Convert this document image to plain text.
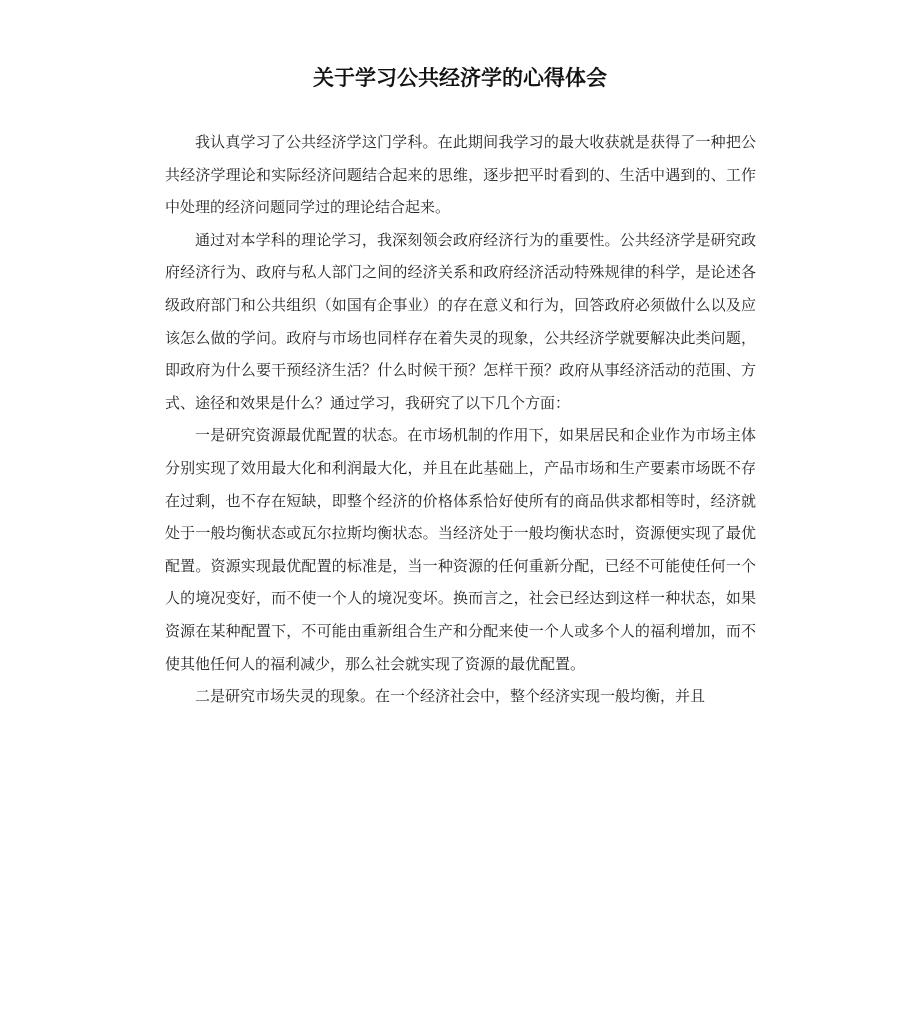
关于学习公共经济学的心得体会

我认真学习了公共经济学这门学科。在此期间我学习的最大收获就是获得了一种把公共经济学理论和实际经济问题结合起来的思维，逐步把平时看到的、生活中遇到的、工作中处理的经济问题同学过的理论结合起来。

通过对本学科的理论学习，我深刻领会政府经济行为的重要性。公共经济学是研究政府经济行为、政府与私人部门之间的经济关系和政府经济活动特殊规律的科学，是论述各级政府部门和公共组织（如国有企事业）的存在意义和行为，回答政府必须做什么以及应该怎么做的学问。政府与市场也同样存在着失灵的现象，公共经济学就要解决此类问题，即政府为什么要干预经济生活？什么时候干预？怎样干预？政府从事经济活动的范围、方式、途径和效果是什么？通过学习，我研究了以下几个方面：

一是研究资源最优配置的状态。在市场机制的作用下，如果居民和企业作为市场主体分别实现了效用最大化和利润最大化，并且在此基础上，产品市场和生产要素市场既不存在过剩，也不存在短缺，即整个经济的价格体系恰好使所有的商品供求都相等时，经济就处于一般均衡状态或瓦尔拉斯均衡状态。当经济处于一般均衡状态时，资源便实现了最优配置。资源实现最优配置的标准是，当一种资源的任何重新分配，已经不可能使任何一个人的境况变好，而不使一个人的境况变坏。换而言之，社会已经达到这样一种状态，如果资源在某种配置下，不可能由重新组合生产和分配来使一个人或多个人的福利增加，而不使其他任何人的福利减少，那么社会就实现了资源的最优配置。

二是研究市场失灵的现象。在一个经济社会中，整个经济实现一般均衡，并且
